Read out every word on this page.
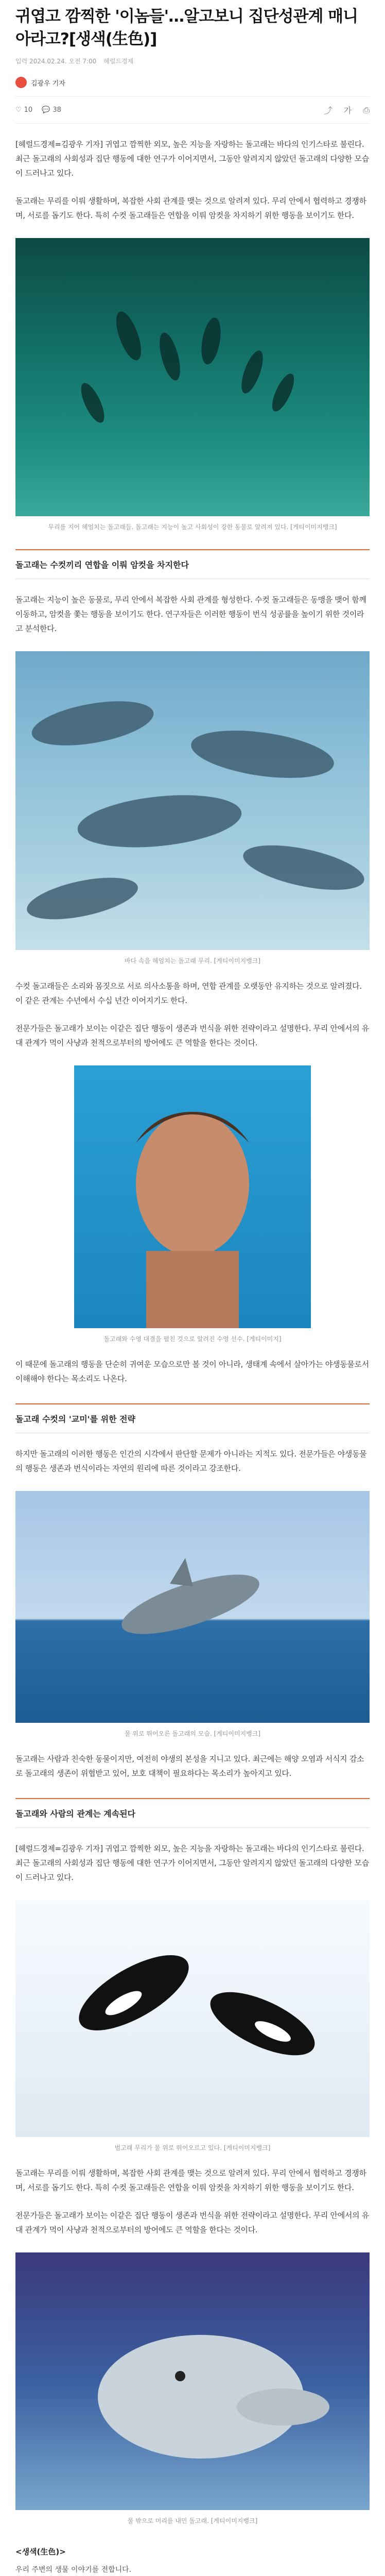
귀엽고 깜찍한 '이놈들'…알고보니 집단성관계 매니아라고?[생색(生色)]
입력 2024.02.24. 오전 7:00 헤럴드경제
김광우 기자
♡ 10 💬 38	⤴ 가 ⎙

[헤럴드경제=김광우 기자] 귀엽고 깜찍한 외모, 높은 지능을 자랑하는 돌고래는 바다의 인기스타로 불린다. 최근 돌고래의 사회성과 집단 행동에 대한 연구가 이어지면서, 그동안 알려지지 않았던 돌고래의 다양한 모습이 드러나고 있다.

돌고래는 무리를 이뤄 생활하며, 복잡한 사회 관계를 맺는 것으로 알려져 있다. 무리 안에서 협력하고 경쟁하며, 서로를 돕기도 한다. 특히 수컷 돌고래들은 연합을 이뤄 암컷을 차지하기 위한 행동을 보이기도 한다.

무리를 지어 헤엄치는 돌고래들. 돌고래는 지능이 높고 사회성이 강한 동물로 알려져 있다. [게티이미지뱅크]

돌고래는 수컷끼리 연합을 이뤄 암컷을 차지한다

돌고래는 지능이 높은 동물로, 무리 안에서 복잡한 사회 관계를 형성한다. 수컷 돌고래들은 동맹을 맺어 함께 이동하고, 암컷을 쫓는 행동을 보이기도 한다. 연구자들은 이러한 행동이 번식 성공률을 높이기 위한 것이라고 분석한다.

바다 속을 헤엄치는 돌고래 무리. [게티이미지뱅크]

수컷 돌고래들은 소리와 몸짓으로 서로 의사소통을 하며, 연합 관계를 오랫동안 유지하는 것으로 알려졌다. 이 같은 관계는 수년에서 수십 년간 이어지기도 한다.

전문가들은 돌고래가 보이는 이같은 집단 행동이 생존과 번식을 위한 전략이라고 설명한다. 무리 안에서의 유대 관계가 먹이 사냥과 천적으로부터의 방어에도 큰 역할을 한다는 것이다.

돌고래와 수영 대결을 펼친 것으로 알려진 수영 선수. [게티이미지]

이 때문에 돌고래의 행동을 단순히 귀여운 모습으로만 볼 것이 아니라, 생태계 속에서 살아가는 야생동물로서 이해해야 한다는 목소리도 나온다.

돌고래 수컷의 '교미'를 위한 전략

하지만 돌고래의 이러한 행동은 인간의 시각에서 판단할 문제가 아니라는 지적도 있다. 전문가들은 야생동물의 행동은 생존과 번식이라는 자연의 원리에 따른 것이라고 강조한다.

물 위로 뛰어오른 돌고래의 모습. [게티이미지뱅크]

돌고래는 사람과 친숙한 동물이지만, 여전히 야생의 본성을 지니고 있다. 최근에는 해양 오염과 서식지 감소로 돌고래의 생존이 위협받고 있어, 보호 대책이 필요하다는 목소리가 높아지고 있다.

돌고래와 사람의 관계는 계속된다

[헤럴드경제=김광우 기자] 귀엽고 깜찍한 외모, 높은 지능을 자랑하는 돌고래는 바다의 인기스타로 불린다. 최근 돌고래의 사회성과 집단 행동에 대한 연구가 이어지면서, 그동안 알려지지 않았던 돌고래의 다양한 모습이 드러나고 있다.

범고래 무리가 물 위로 뛰어오르고 있다. [게티이미지뱅크]

돌고래는 무리를 이뤄 생활하며, 복잡한 사회 관계를 맺는 것으로 알려져 있다. 무리 안에서 협력하고 경쟁하며, 서로를 돕기도 한다. 특히 수컷 돌고래들은 연합을 이뤄 암컷을 차지하기 위한 행동을 보이기도 한다.

전문가들은 돌고래가 보이는 이같은 집단 행동이 생존과 번식을 위한 전략이라고 설명한다. 무리 안에서의 유대 관계가 먹이 사냥과 천적으로부터의 방어에도 큰 역할을 한다는 것이다.

물 밖으로 머리를 내민 돌고래. [게티이미지뱅크]

<생색(生色)>

우리 주변의 생물 이야기를 전합니다.
